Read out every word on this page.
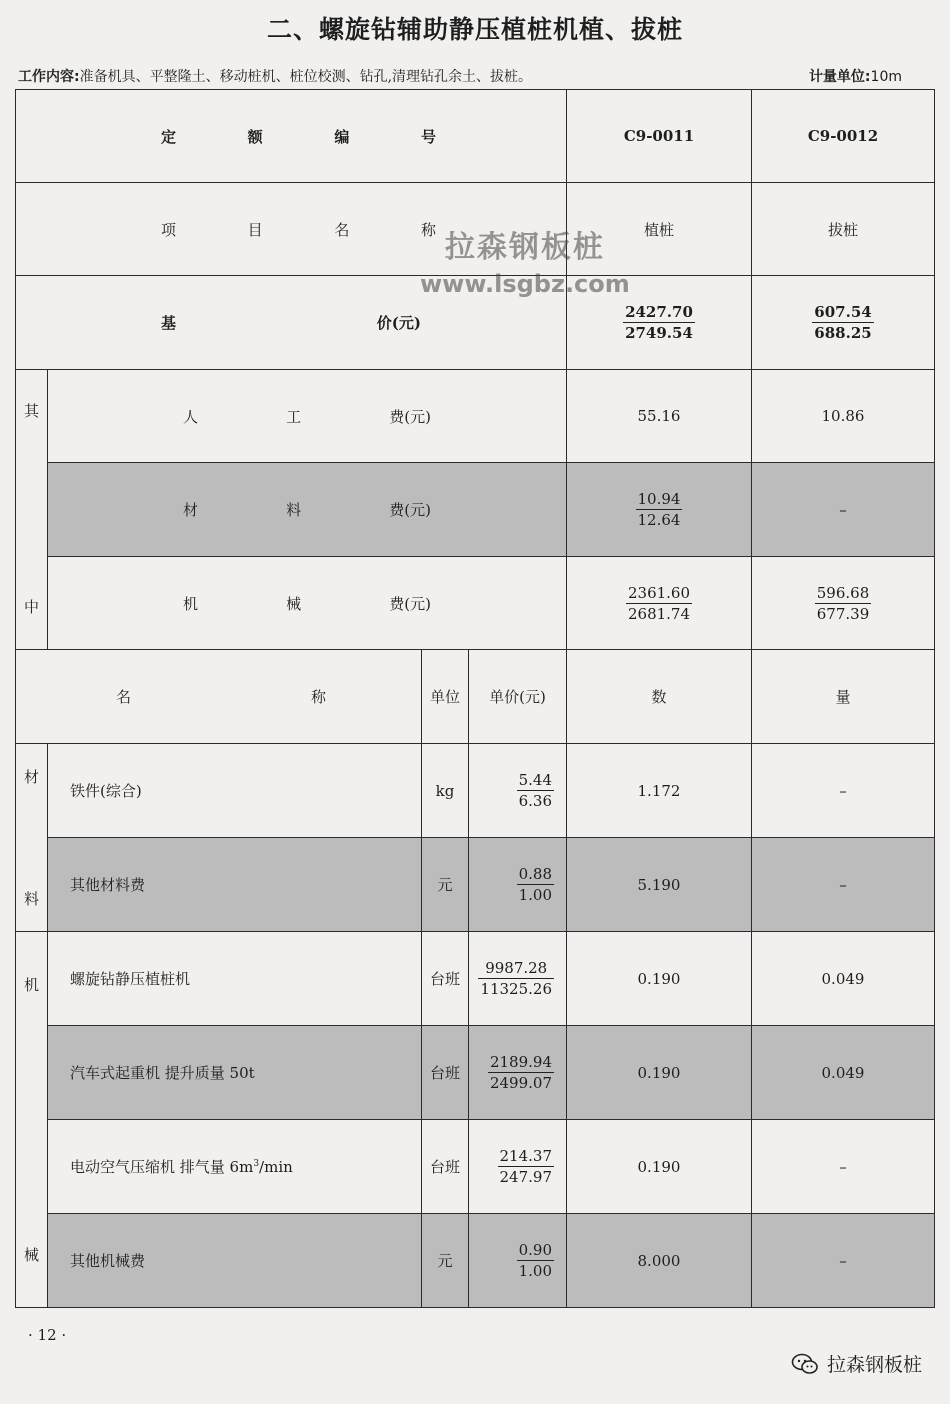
二、螺旋钻辅助静压植桩机植、拔桩
工作内容:准备机具、平整隆土、移动桩机、桩位校测、钻孔,清理钻孔余土、拔桩。	计量单位:10m
定 额 编 号				C9-0011	C9-0012

项 目 名 称				植桩	拔桩

基 价(元)				$\frac{2427.70}{2749.54}$	$\frac{607.54}{688.25}$

其	人 工 费(元)			55.16	10.86

	材 料 费(元)			$\frac{10.94}{12.64}$	–
中	机 械 费(元)			$\frac{2361.60}{2681.74}$	$\frac{596.68}{677.39}$

名 称		单位	单价(元)	数	量
材	铁件(综合)	kg	$\frac{5.44}{6.36}$	1.172	–
料	其他材料费	元	$\frac{0.88}{1.00}$	5.190	–
机	螺旋钻静压植桩机	台班	$\frac{9987.28}{11325.26}$	0.190	0.049
	汽车式起重机 提升质量 50t	台班	$\frac{2189.94}{2499.07}$	0.190	0.049
	电动空气压缩机 排气量 $6m^3/\min$	台班	$\frac{214.37}{247.97}$	0.190	–
械	其他机械费	元	$\frac{0.90}{1.00}$	8.000	–
拉森钢板桩
www.lsgbz.com
· 12 ·
拉森钢板桩
